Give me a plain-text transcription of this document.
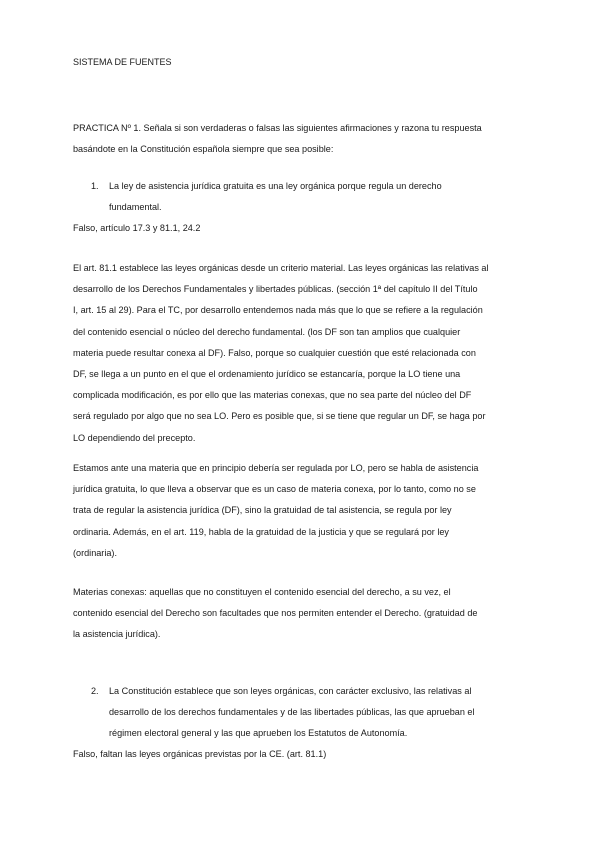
SISTEMA DE FUENTES
PRACTICA Nº 1. Señala si son verdaderas o falsas las siguientes afirmaciones y razona tu respuesta
basándote en la Constitución española siempre que sea posible:
1. La ley de asistencia jurídica gratuita es una ley orgánica porque regula un derecho
fundamental.
Falso, artículo 17.3 y 81.1, 24.2
El art. 81.1 establece las leyes orgánicas desde un criterio material. Las leyes orgánicas las relativas al
desarrollo de los Derechos Fundamentales y libertades públicas. (sección 1ª del capítulo II del Título
I, art. 15 al 29). Para el TC, por desarrollo entendemos nada más que lo que se refiere a la regulación
del contenido esencial o núcleo del derecho fundamental. (los DF son tan amplios que cualquier
materia puede resultar conexa al DF). Falso, porque so cualquier cuestión que esté relacionada con
DF, se llega a un punto en el que el ordenamiento jurídico se estancaría, porque la LO tiene una
complicada modificación, es por ello que las materias conexas, que no sea parte del núcleo del DF
será regulado por algo que no sea LO. Pero es posible que, si se tiene que regular un DF, se haga por
LO dependiendo del precepto.
Estamos ante una materia que en principio debería ser regulada por LO, pero se habla de asistencia
jurídica gratuita, lo que lleva a observar que es un caso de materia conexa, por lo tanto, como no se
trata de regular la asistencia jurídica (DF), sino la gratuidad de tal asistencia, se regula por ley
ordinaria. Además, en el art. 119, habla de la gratuidad de la justicia y que se regulará por ley
(ordinaria).
Materias conexas: aquellas que no constituyen el contenido esencial del derecho, a su vez, el
contenido esencial del Derecho son facultades que nos permiten entender el Derecho. (gratuidad de
la asistencia jurídica).
2. La Constitución establece que son leyes orgánicas, con carácter exclusivo, las relativas al
desarrollo de los derechos fundamentales y de las libertades públicas, las que aprueban el
régimen electoral general y las que aprueben los Estatutos de Autonomía.
Falso, faltan las leyes orgánicas previstas por la CE. (art. 81.1)
